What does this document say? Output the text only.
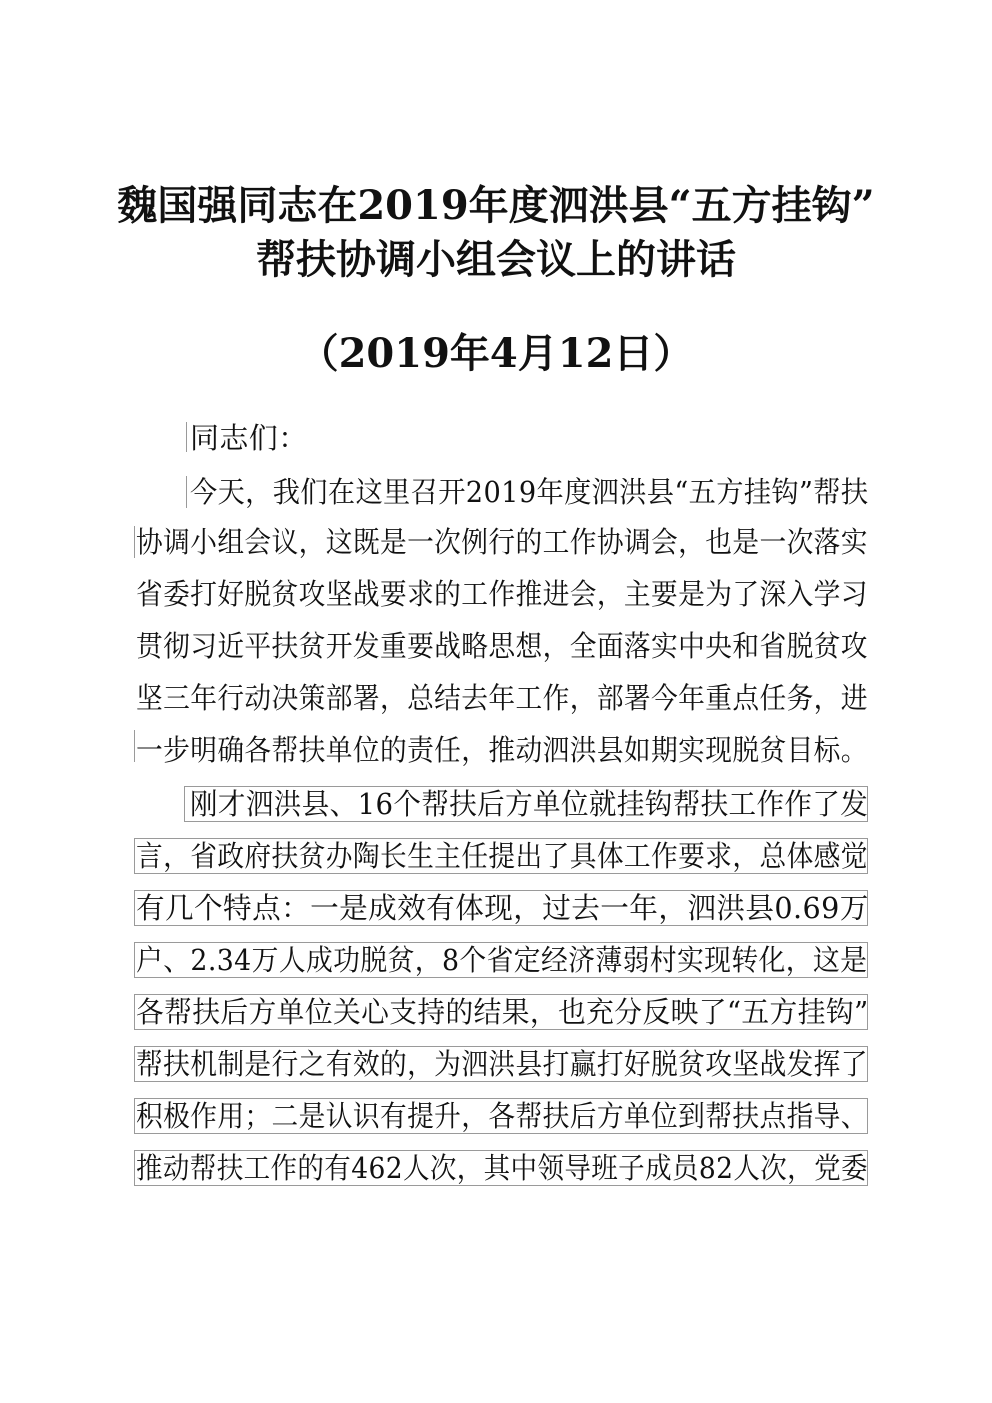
魏国强同志在2019年度泗洪县“五方挂钩”
帮扶协调小组会议上的讲话
（2019年4月12日）
同志们：
今天，我们在这里召开2019年度泗洪县“五方挂钩”帮扶
协调小组会议，这既是一次例行的工作协调会，也是一次落实
省委打好脱贫攻坚战要求的工作推进会，主要是为了深入学习
贯彻习近平扶贫开发重要战略思想，全面落实中央和省脱贫攻
坚三年行动决策部署，总结去年工作，部署今年重点任务，进
一步明确各帮扶单位的责任，推动泗洪县如期实现脱贫目标。
刚才泗洪县、16个帮扶后方单位就挂钩帮扶工作作了发
言，省政府扶贫办陶长生主任提出了具体工作要求，总体感觉
有几个特点：一是成效有体现，过去一年，泗洪县0.69万
户、2.34万人成功脱贫，8个省定经济薄弱村实现转化，这是
各帮扶后方单位关心支持的结果，也充分反映了“五方挂钩”
帮扶机制是行之有效的，为泗洪县打赢打好脱贫攻坚战发挥了
积极作用；二是认识有提升，各帮扶后方单位到帮扶点指导、
推动帮扶工作的有462人次，其中领导班子成员82人次，党委
